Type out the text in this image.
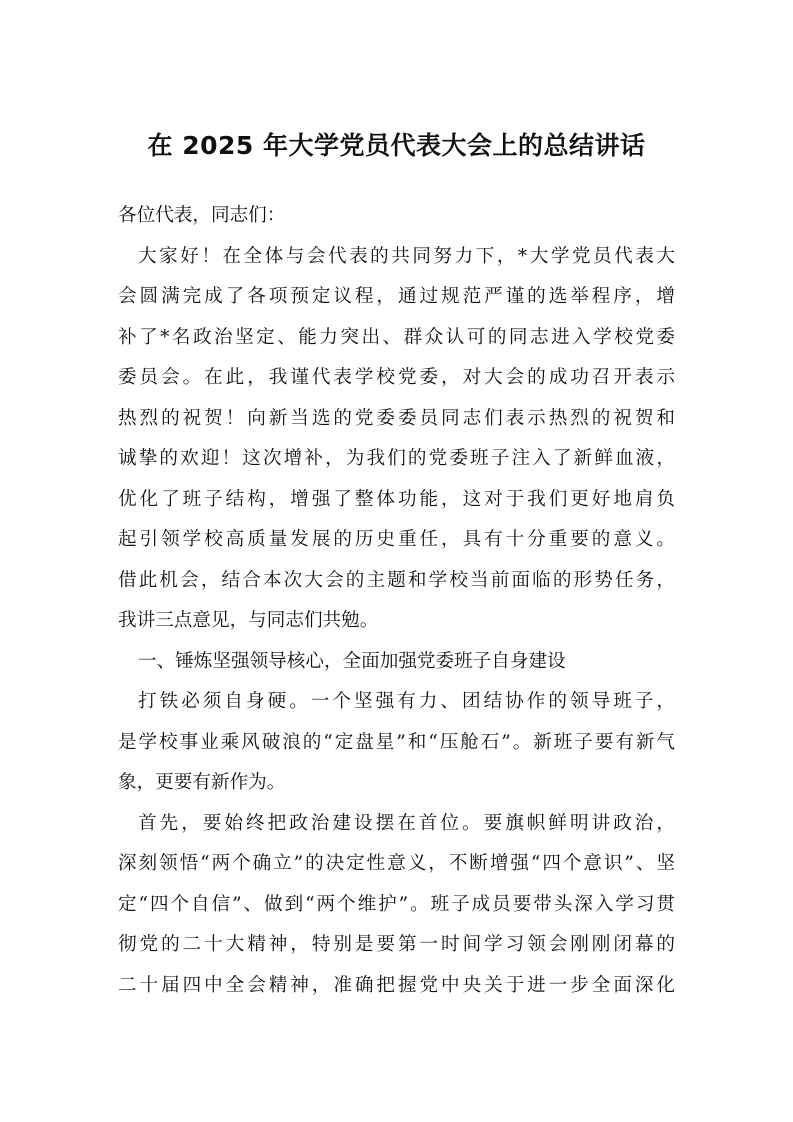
在 2025 年大学党员代表大会上的总结讲话
各位代表，同志们：
大家好！在全体与会代表的共同努力下，*大学党员代表大
会圆满完成了各项预定议程，通过规范严谨的选举程序，增
补了*名政治坚定、能力突出、群众认可的同志进入学校党委
委员会。在此，我谨代表学校党委，对大会的成功召开表示
热烈的祝贺！向新当选的党委委员同志们表示热烈的祝贺和
诚挚的欢迎！这次增补，为我们的党委班子注入了新鲜血液，
优化了班子结构，增强了整体功能，这对于我们更好地肩负
起引领学校高质量发展的历史重任，具有十分重要的意义。
借此机会，结合本次大会的主题和学校当前面临的形势任务，
我讲三点意见，与同志们共勉。
一、锤炼坚强领导核心，全面加强党委班子自身建设
打铁必须自身硬。一个坚强有力、团结协作的领导班子，
是学校事业乘风破浪的“定盘星”和“压舱石”。新班子要有新气
象，更要有新作为。
首先，要始终把政治建设摆在首位。要旗帜鲜明讲政治，
深刻领悟“两个确立”的决定性意义，不断增强“四个意识”、坚
定“四个自信”、做到“两个维护”。班子成员要带头深入学习贯
彻党的二十大精神，特别是要第一时间学习领会刚刚闭幕的
二十届四中全会精神，准确把握党中央关于进一步全面深化
